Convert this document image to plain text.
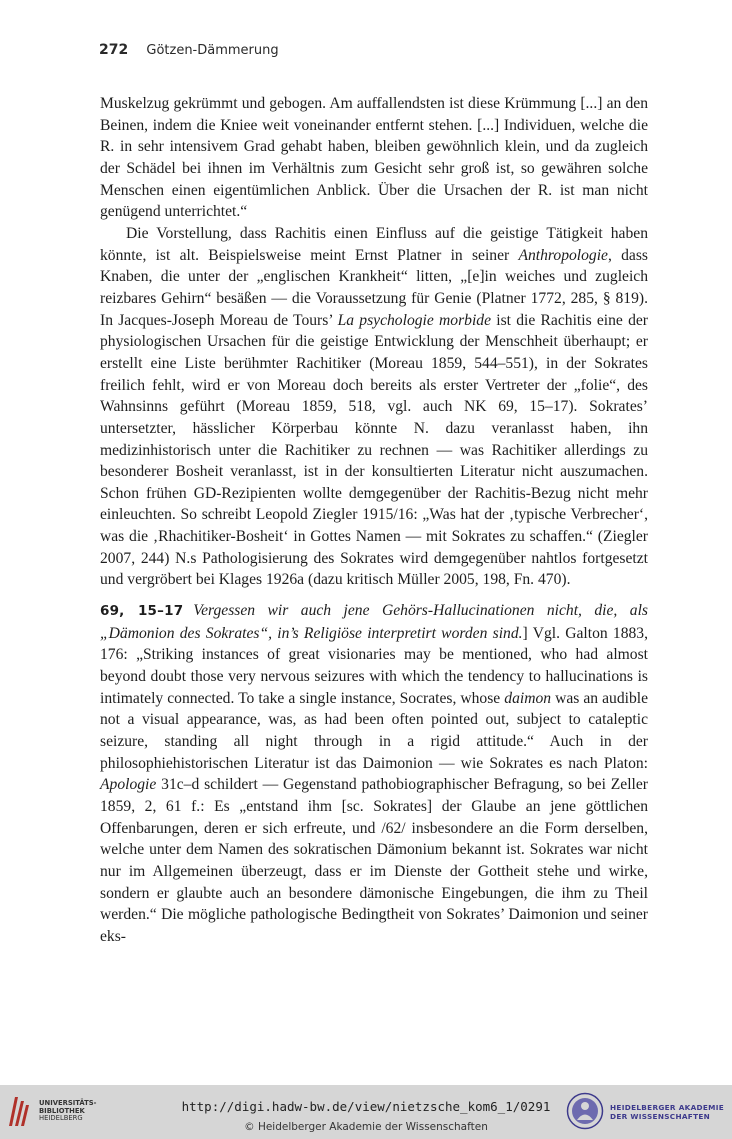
272 Götzen-Dämmerung

Muskelzug gekrümmt und gebogen. Am auffallendsten ist diese Krümmung [...] an den Beinen, indem die Kniee weit voneinander entfernt stehen. [...] Individuen, welche die R. in sehr intensivem Grad gehabt haben, bleiben gewöhnlich klein, und da zugleich der Schädel bei ihnen im Verhältnis zum Gesicht sehr groß ist, so gewähren solche Menschen einen eigentümlichen Anblick. Über die Ursachen der R. ist man nicht genügend unterrichtet.“

Die Vorstellung, dass Rachitis einen Einfluss auf die geistige Tätigkeit haben könnte, ist alt. Beispielsweise meint Ernst Platner in seiner Anthropologie, dass Knaben, die unter der „englischen Krankheit“ litten, „[e]in weiches und zugleich reizbares Gehirn“ besäßen — die Voraussetzung für Genie (Platner 1772, 285, § 819). In Jacques-Joseph Moreau de Tours’ La psychologie morbide ist die Rachitis eine der physiologischen Ursachen für die geistige Entwicklung der Menschheit überhaupt; er erstellt eine Liste berühmter Rachitiker (Moreau 1859, 544–551), in der Sokrates freilich fehlt, wird er von Moreau doch bereits als erster Vertreter der „folie“, des Wahnsinns geführt (Moreau 1859, 518, vgl. auch NK 69, 15–17). Sokrates’ untersetzter, hässlicher Körperbau könnte N. dazu veranlasst haben, ihn medizinhistorisch unter die Rachitiker zu rechnen — was Rachitiker allerdings zu besonderer Bosheit veranlasst, ist in der konsultierten Literatur nicht auszumachen. Schon frühen GD-Rezipienten wollte demgegenüber der Rachitis-Bezug nicht mehr einleuchten. So schreibt Leopold Ziegler 1915/16: „Was hat der ‚typische Verbrecher‘, was die ‚Rhachitiker-Bosheit‘ in Gottes Namen — mit Sokrates zu schaffen.“ (Ziegler 2007, 244) N.s Pathologisierung des Sokrates wird demgegenüber nahtlos fortgesetzt und vergröbert bei Klages 1926a (dazu kritisch Müller 2005, 198, Fn. 470).

69, 15–17 Vergessen wir auch jene Gehörs-Hallucinationen nicht, die, als „Dämonion des Sokrates“, in’s Religiöse interpretirt worden sind.] Vgl. Galton 1883, 176: „Striking instances of great visionaries may be mentioned, who had almost beyond doubt those very nervous seizures with which the tendency to hallucinations is intimately connected. To take a single instance, Socrates, whose daimon was an audible not a visual appearance, was, as had been often pointed out, subject to cataleptic seizure, standing all night through in a rigid attitude.“ Auch in der philosophiehistorischen Literatur ist das Daimonion — wie Sokrates es nach Platon: Apologie 31c–d schildert — Gegenstand pathobiographischer Befragung, so bei Zeller 1859, 2, 61 f.: Es „entstand ihm [sc. Sokrates] der Glaube an jene göttlichen Offenbarungen, deren er sich erfreute, und /62/ insbesondere an die Form derselben, welche unter dem Namen des sokratischen Dämonium bekannt ist. Sokrates war nicht nur im Allgemeinen überzeugt, dass er im Dienste der Gottheit stehe und wirke, sondern er glaubte auch an besondere dämonische Eingebungen, die ihm zu Theil werden.“ Die mögliche pathologische Bedingtheit von Sokrates’ Daimonion und seiner eks-

UNIVERSITÄTS-
BIBLIOTHEK
HEIDELBERG
http://digi.hadw-bw.de/view/nietzsche_kom6_1/0291
© Heidelberger Akademie der Wissenschaften
HEIDELBERGER AKADEMIE
DER WISSENSCHAFTEN
